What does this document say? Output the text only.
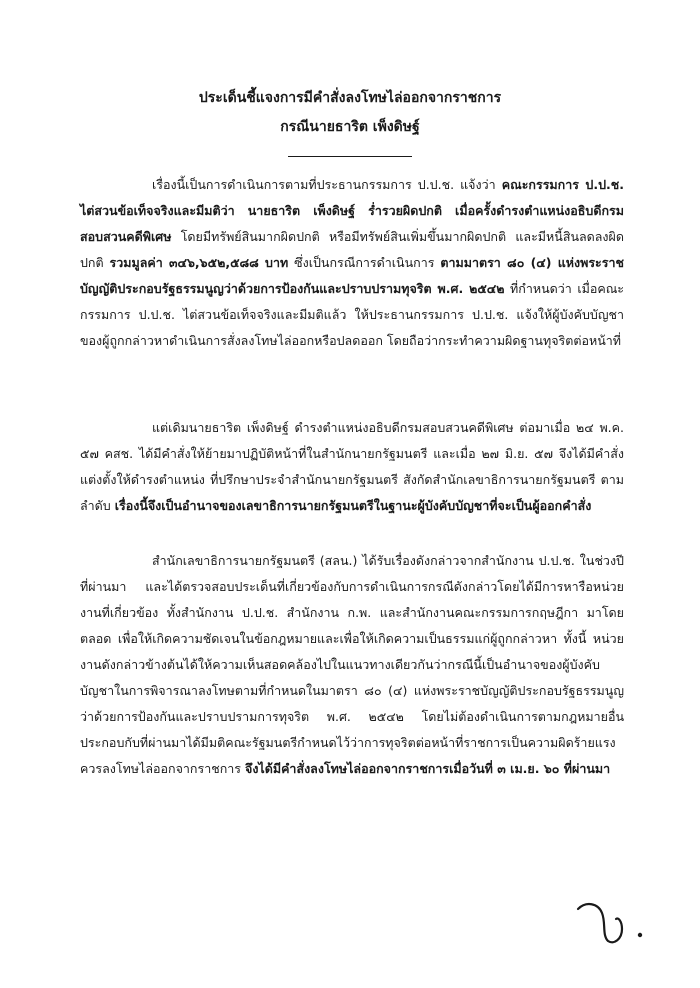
ประเด็นชี้แจงการมีคำสั่งลงโทษไล่ออกจากราชการ
กรณีนายธาริต เพ็งดิษฐ์
เรื่องนี้เป็นการดำเนินการตามที่ประธานกรรมการ ป.ป.ช. แจ้งว่า คณะกรรมการ ป.ป.ช. ไต่สวนข้อเท็จจริงและมีมติว่า นายธาริต เพ็งดิษฐ์ ร่ำรวยผิดปกติ เมื่อครั้งดำรงตำแหน่งอธิบดีกรมสอบสวนคดีพิเศษ โดยมีทรัพย์สินมากผิดปกติ หรือมีทรัพย์สินเพิ่มขึ้นมากผิดปกติ และมีหนี้สินลดลงผิดปกติ รวมมูลค่า ๓๔๖,๖๕๒,๕๘๘ บาท ซึ่งเป็นกรณีการดำเนินการ ตามมาตรา ๘๐ (๔) แห่งพระราชบัญญัติประกอบรัฐธรรมนูญว่าด้วยการป้องกันและปราบปรามทุจริต พ.ศ. ๒๕๔๒ ที่กำหนดว่า เมื่อคณะกรรมการ ป.ป.ช. ไต่สวนข้อเท็จจริงและมีมติแล้ว ให้ประธานกรรมการ ป.ป.ช. แจ้งให้ผู้บังคับบัญชาของผู้ถูกกล่าวหาดำเนินการสั่งลงโทษไล่ออกหรือปลดออก โดยถือว่ากระทำความผิดฐานทุจริตต่อหน้าที่
แต่เดิมนายธาริต เพ็งดิษฐ์ ดำรงตำแหน่งอธิบดีกรมสอบสวนคดีพิเศษ ต่อมาเมื่อ ๒๔ พ.ค. ๕๗ คสช. ได้มีคำสั่งให้ย้ายมาปฏิบัติหน้าที่ในสำนักนายกรัฐมนตรี และเมื่อ ๒๗ มิ.ย. ๕๗ จึงได้มีคำสั่งแต่งตั้งให้ดำรงตำแหน่ง ที่ปรึกษาประจำสำนักนายกรัฐมนตรี สังกัดสำนักเลขาธิการนายกรัฐมนตรี ตามลำดับ เรื่องนี้จึงเป็นอำนาจของเลขาธิการนายกรัฐมนตรีในฐานะผู้บังคับบัญชาที่จะเป็นผู้ออกคำสั่ง
สำนักเลขาธิการนายกรัฐมนตรี (สลน.) ได้รับเรื่องดังกล่าวจากสำนักงาน ป.ป.ช. ในช่วงปีที่ผ่านมา และได้ตรวจสอบประเด็นที่เกี่ยวข้องกับการดำเนินการกรณีดังกล่าวโดยได้มีการหารือหน่วยงานที่เกี่ยวข้อง ทั้งสำนักงาน ป.ป.ช. สำนักงาน ก.พ. และสำนักงานคณะกรรมการกฤษฎีกา มาโดยตลอด เพื่อให้เกิดความชัดเจนในข้อกฎหมายและเพื่อให้เกิดความเป็นธรรมแก่ผู้ถูกกล่าวหา ทั้งนี้ หน่วยงานดังกล่าวข้างต้นได้ให้ความเห็นสอดคล้องไปในแนวทางเดียวกันว่ากรณีนี้เป็นอำนาจของผู้บังคับบัญชาในการพิจารณาลงโทษตามที่กำหนดในมาตรา ๘๐ (๔) แห่งพระราชบัญญัติประกอบรัฐธรรมนูญว่าด้วยการป้องกันและปราบปรามการทุจริต พ.ศ. ๒๕๔๒ โดยไม่ต้องดำเนินการตามกฎหมายอื่น ประกอบกับที่ผ่านมาได้มีมติคณะรัฐมนตรีกำหนดไว้ว่าการทุจริตต่อหน้าที่ราชการเป็นความผิดร้ายแรง ควรลงโทษไล่ออกจากราชการ จึงได้มีคำสั่งลงโทษไล่ออกจากราชการเมื่อวันที่ ๓ เม.ย. ๖๐ ที่ผ่านมา
